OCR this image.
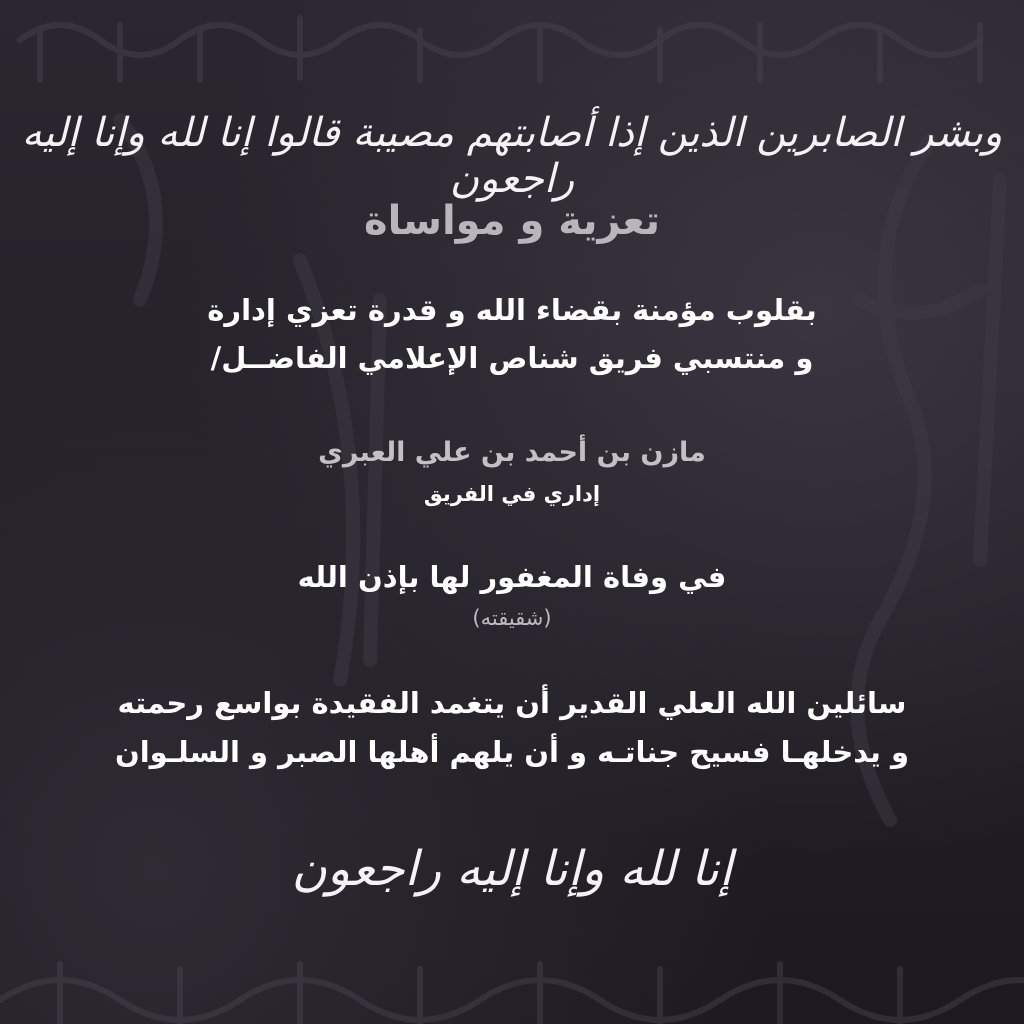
وبشر الصابرين الذين إذا أصابتهم مصيبة قالوا إنا لله وإنا إليه راجعون

تعزية و مواساة

بقلوب مؤمنة بقضاء الله و قدرة تعزي إدارة

و منتسبي فريق شناص الإعلامي الفاضــل/

مازن بن أحمد بن علي العبري

إداري في الفريق

في وفاة المغفور لها بإذن الله

(شقيقته)

سائلين الله العلي القدير أن يتغمد الفقيدة بواسع رحمته

و يدخلهـا فسيح جناتـه و أن يلهم أهلها الصبر و السلـوان

إنا لله وإنا إليه راجعون
